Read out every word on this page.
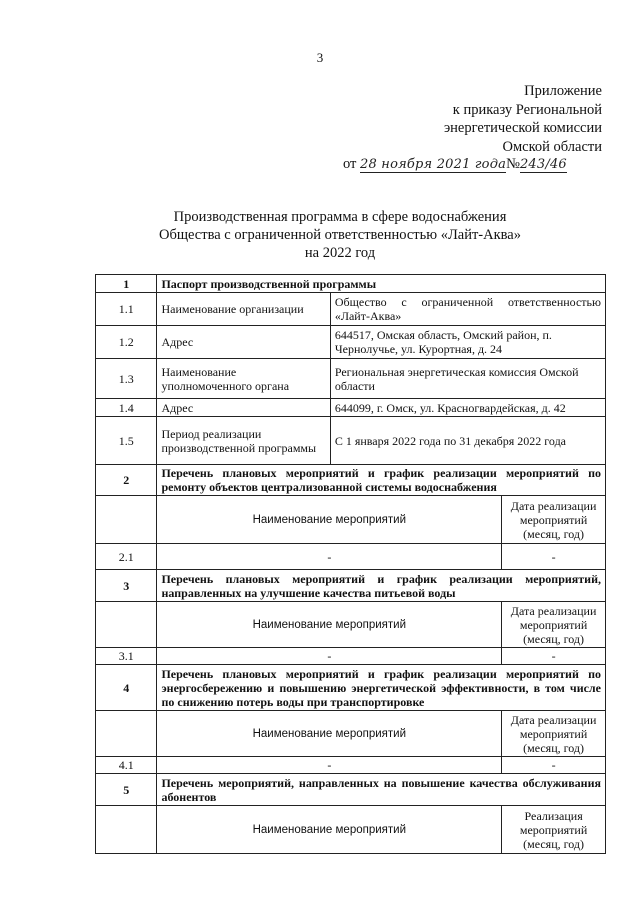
3
Приложение
к приказу Региональной
энергетической комиссии
Омской области
от 28 ноября 2021 года№243/46
Производственная программа в сфере водоснабжения
Общества с ограниченной ответственностью «Лайт-Аква»
на 2022 год
1	Паспорт производственной программы		
1.1	Наименование организации	Общество с ограниченной ответственностью «Лайт-Аква»	
1.2	Адрес	644517, Омская область, Омский район, п. Чернолучье, ул. Курортная, д. 24	
1.3	Наименование уполномоченного органа	Региональная энергетическая комиссия Омской области	
1.4	Адрес	644099, г. Омск, ул. Красногвардейская, д. 42	
1.5	Период реализации производственной программы	С 1 января 2022 года по 31 декабря 2022 года	
2	Перечень плановых мероприятий и график реализации мероприятий по ремонту объектов централизованной системы водоснабжения		
	Наименование мероприятий		Дата реализации мероприятий (месяц, год)
2.1	-		-
3	Перечень плановых мероприятий и график реализации мероприятий, направленных на улучшение качества питьевой воды		
	Наименование мероприятий		Дата реализации мероприятий (месяц, год)
3.1	-		-
4	Перечень плановых мероприятий и график реализации мероприятий по энергосбережению и повышению энергетической эффективности, в том числе по снижению потерь воды при транспортировке		
	Наименование мероприятий		Дата реализации мероприятий (месяц, год)
4.1	-		-
5	Перечень мероприятий, направленных на повышение качества обслуживания абонентов		
	Наименование мероприятий		Реализация мероприятий (месяц, год)
